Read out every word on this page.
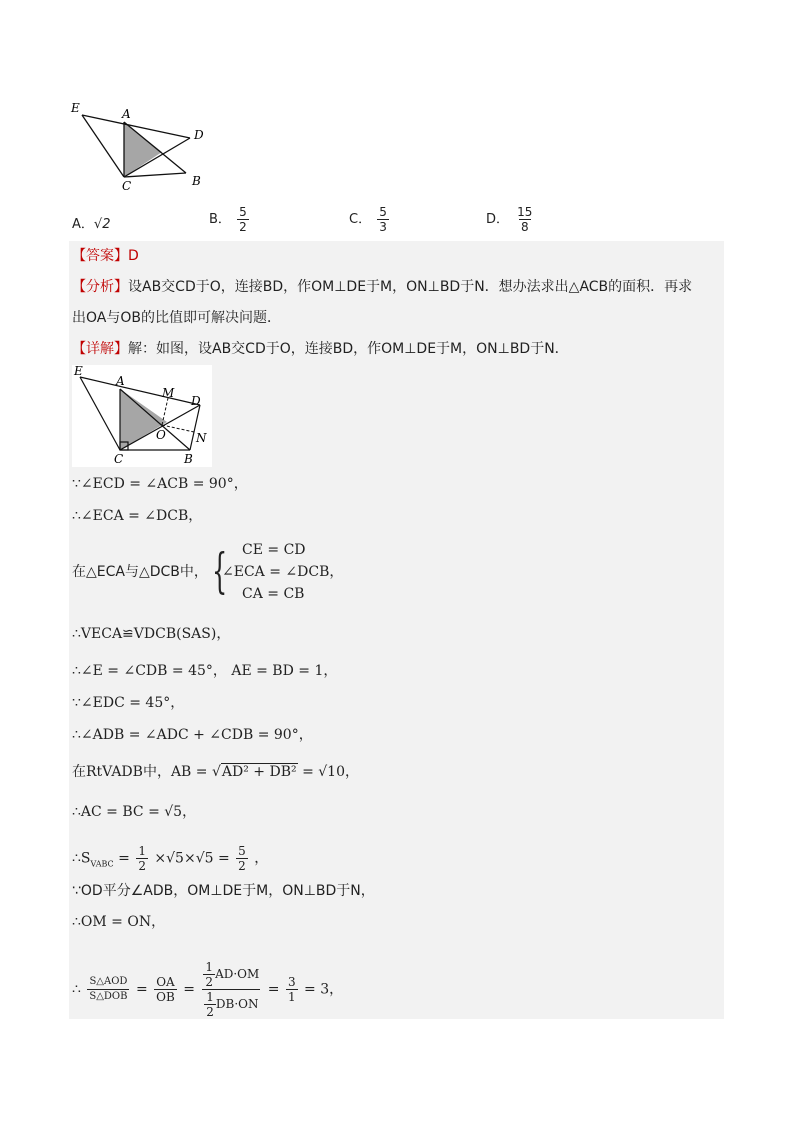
E	A
D
C	B
A．√2	B． $\frac{5}{2}$	C． $\frac{5}{3}$	D． $\frac{15}{8}$
【答案】D
【分析】设AB交CD于O，连接BD，作OM⊥DE于M，ON⊥BD于N．想办法求出△ACB的面积．再求
出OA与OB的比值即可解决问题．
【详解】解：如图，设AB交CD于O，连接BD，作OM⊥DE于M，ON⊥BD于N．
E
A
M
D
O	N
C	B
∵∠ECD = ∠ACB = 90°，
∴∠ECA = ∠DCB，
在△ECA与△DCB中， { CE = CD
∠ECA = ∠DCB，
CA = CB
∴VECA≌VDCB(SAS)，
∴∠E = ∠CDB = 45°， AE = BD = 1，
∵∠EDC = 45°，
∴∠ADB = ∠ADC + ∠CDB = 90°，
在RtVADB中，AB = √AD² + DB² = √10，
∴AC = BC = √5，
$\therefore S_{VABC} = \frac{1}{2} \times√5\times√5 = \frac{5}{2}$ ，
∵OD平分∠ADB，OM⊥DE于M，ON⊥BD于N，
∴OM = ON，
∴ $\frac{\text{S△AOD}}{\text{S△DOB}} = \frac{OA}{OB} = \frac{\frac{1}{2} AD\cdot OM}{\frac{1}{2} DB\cdot ON} = \frac{3}{1} = 3$，
